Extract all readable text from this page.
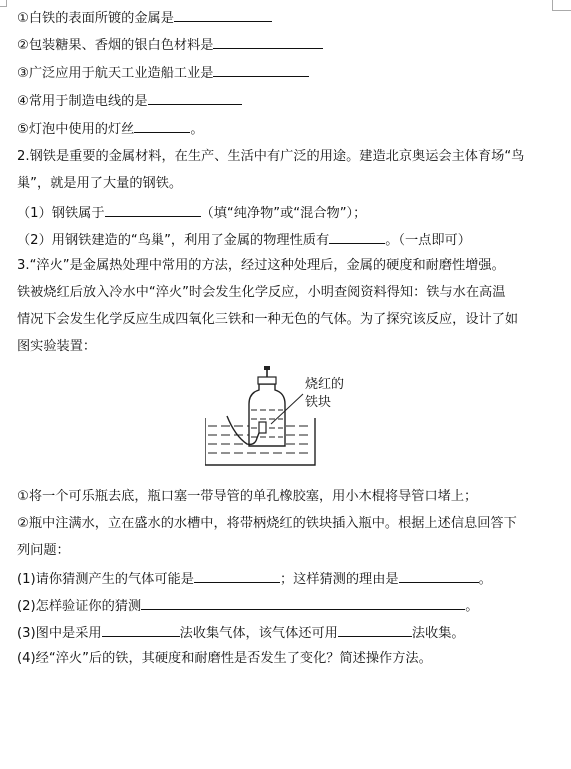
①白铁的表面所镀的金属是
②包装糖果、香烟的银白色材料是
③广泛应用于航天工业造船工业是
④常用于制造电线的是
⑤灯泡中使用的灯丝	。
2.钢铁是重要的金属材料，在生产、生活中有广泛的用途。建造北京奥运会主体育场“鸟
巢”，就是用了大量的钢铁。
（1）钢铁属于	（填“纯净物”或“混合物”）；
（2）用钢铁建造的“鸟巢”，利用了金属的物理性质有	。（一点即可）
3.“淬火”是金属热处理中常用的方法，经过这种处理后，金属的硬度和耐磨性增强。
铁被烧红后放入冷水中“淬火”时会发生化学反应，小明查阅资料得知：铁与水在高温
情况下会发生化学反应生成四氧化三铁和一种无色的气体。为了探究该反应，设计了如
图实验装置：
①将一个可乐瓶去底，瓶口塞一带导管的单孔橡胶塞，用小木棍将导管口堵上；
②瓶中注满水，立在盛水的水槽中，将带柄烧红的铁块插入瓶中。根据上述信息回答下
列问题：
(1)请你猜测产生的气体可能是	；这样猜测的理由是	。
(2)怎样验证你的猜测	。
(3)图中是采用	法收集气体，该气体还可用	法收集。
(4)经“淬火”后的铁，其硬度和耐磨性是否发生了变化？简述操作方法。
烧红的
铁块
